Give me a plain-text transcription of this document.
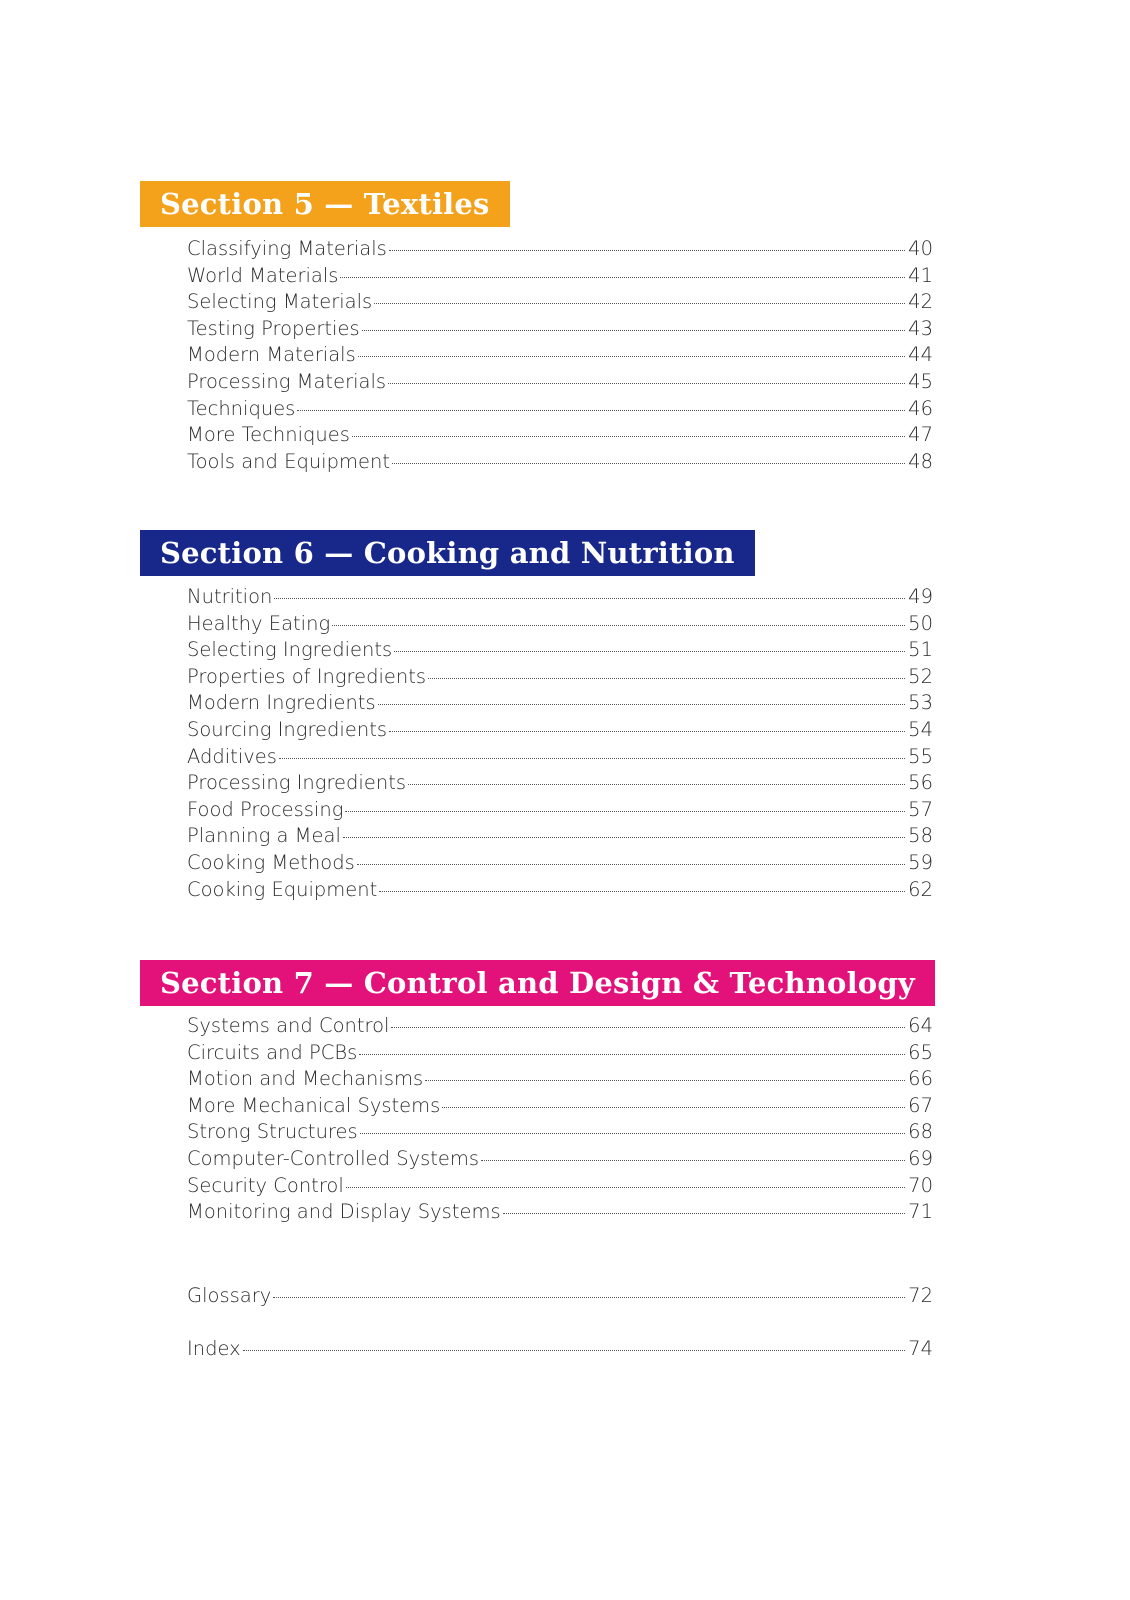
Section 5 — Textiles
Classifying Materials	40
World Materials	41
Selecting Materials	42
Testing Properties	43
Modern Materials	44
Processing Materials	45
Techniques	46
More Techniques	47
Tools and Equipment	48
Section 6 — Cooking and Nutrition
Nutrition	49
Healthy Eating	50
Selecting Ingredients	51
Properties of Ingredients	52
Modern Ingredients	53
Sourcing Ingredients	54
Additives	55
Processing Ingredients	56
Food Processing	57
Planning a Meal	58
Cooking Methods	59
Cooking Equipment	62
Section 7 — Control and Design & Technology
Systems and Control	64
Circuits and PCBs	65
Motion and Mechanisms	66
More Mechanical Systems	67
Strong Structures	68
Computer-Controlled Systems	69
Security Control	70
Monitoring and Display Systems	71
Glossary	72
Index	74
